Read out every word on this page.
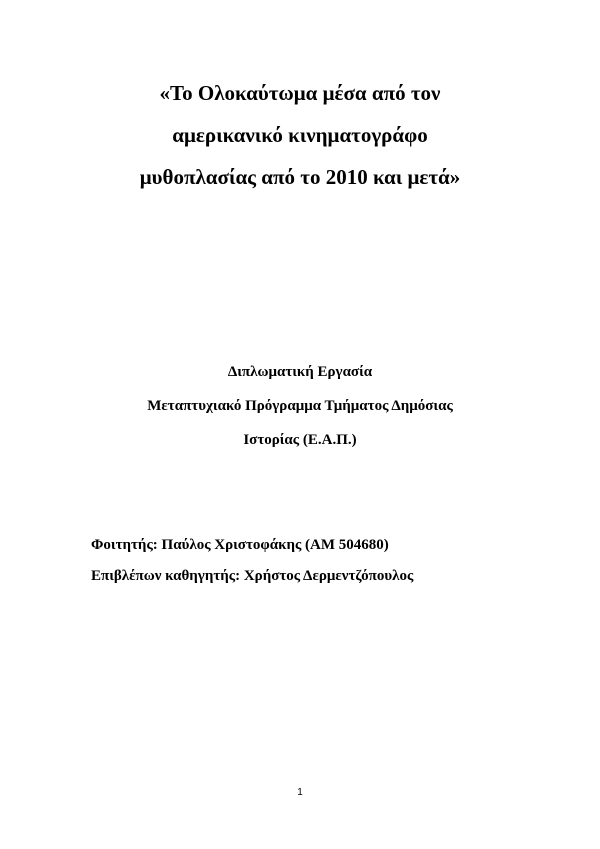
«Το Ολοκαύτωμα μέσα από τον
αμερικανικό κινηματογράφο
μυθοπλασίας από το 2010 και μετά»
Διπλωματική Εργασία
Μεταπτυχιακό Πρόγραμμα Τμήματος Δημόσιας
Ιστορίας (Ε.Α.Π.)
Φοιτητής: Παύλος Χριστοφάκης (ΑΜ 504680)
Επιβλέπων καθηγητής: Χρήστος Δερμεντζόπουλος
1
